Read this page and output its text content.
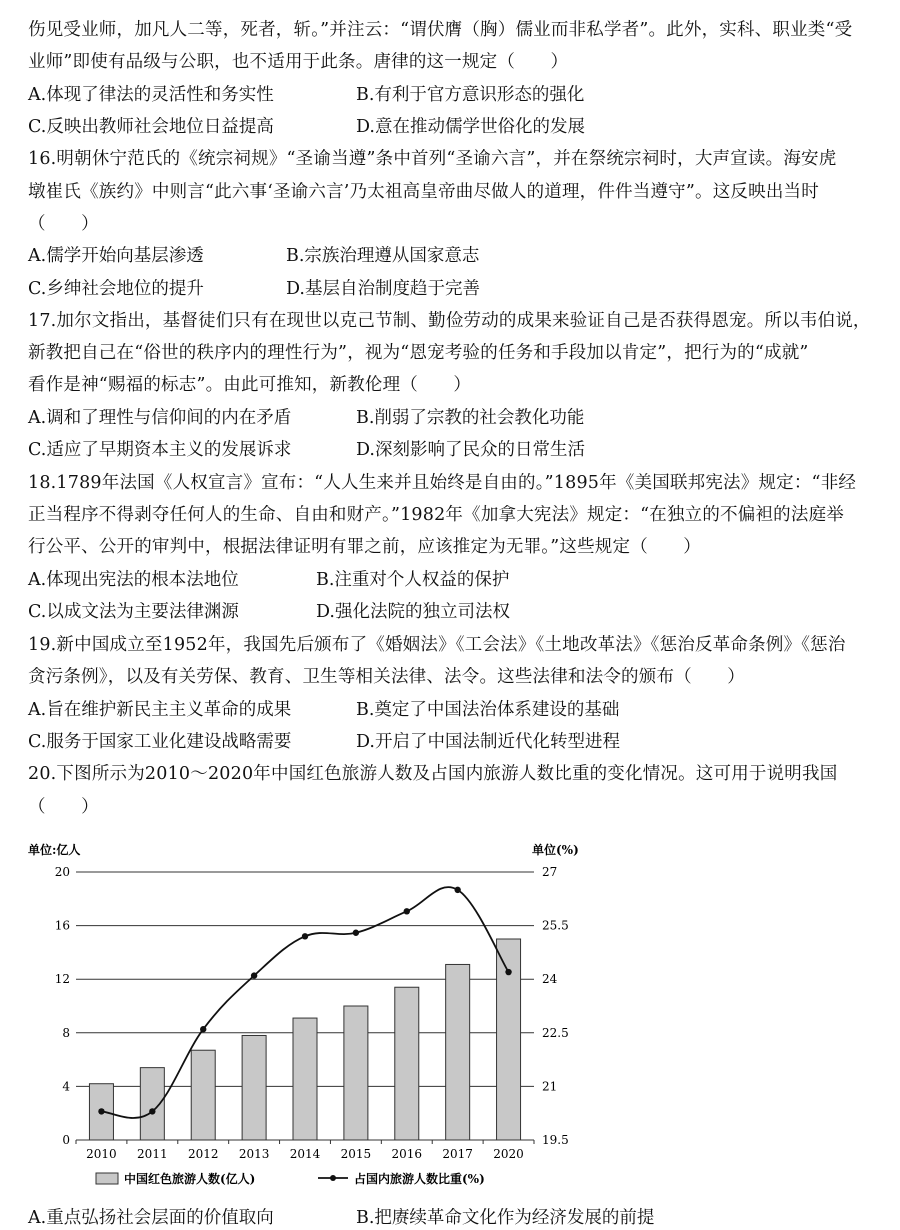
伤见受业师，加凡人二等，死者，斩。”并注云：“谓伏膺（胸）儒业而非私学者”。此外，实科、职业类“受
业师”即使有品级与公职，也不适用于此条。唐律的这一规定（　　）
A.体现了律法的灵活性和务实性	B.有利于官方意识形态的强化
C.反映出教师社会地位日益提高	D.意在推动儒学世俗化的发展
16.明朝休宁范氏的《统宗祠规》“圣谕当遵”条中首列“圣谕六言”，并在祭统宗祠时，大声宣读。海安虎
墩崔氏《族约》中则言“此六事‘圣谕六言’乃太祖高皇帝曲尽做人的道理，件件当遵守”。这反映出当时
（　　）
A.儒学开始向基层渗透	B.宗族治理遵从国家意志
C.乡绅社会地位的提升	D.基层自治制度趋于完善
17.加尔文指出，基督徒们只有在现世以克己节制、勤俭劳动的成果来验证自己是否获得恩宠。所以韦伯说，
新教把自己在“俗世的秩序内的理性行为”，视为“恩宠考验的任务和手段加以肯定”，把行为的“成就”
看作是神“赐福的标志”。由此可推知，新教伦理（　　）
A.调和了理性与信仰间的内在矛盾	B.削弱了宗教的社会教化功能
C.适应了早期资本主义的发展诉求	D.深刻影响了民众的日常生活
18.1789年法国《人权宣言》宣布：“人人生来并且始终是自由的。”1895年《美国联邦宪法》规定：“非经
正当程序不得剥夺任何人的生命、自由和财产。”1982年《加拿大宪法》规定：“在独立的不偏袒的法庭举
行公平、公开的审判中，根据法律证明有罪之前，应该推定为无罪。”这些规定（　　）
A.体现出宪法的根本法地位	B.注重对个人权益的保护
C.以成文法为主要法律渊源	D.强化法院的独立司法权
19.新中国成立至1952年，我国先后颁布了《婚姻法》《工会法》《土地改革法》《惩治反革命条例》《惩治
贪污条例》，以及有关劳保、教育、卫生等相关法律、法令。这些法律和法令的颁布（　　）
A.旨在维护新民主主义革命的成果	B.奠定了中国法治体系建设的基础
C.服务于国家工业化建设战略需要	D.开启了中国法制近代化转型进程
20.下图所示为2010～2020年中国红色旅游人数及占国内旅游人数比重的变化情况。这可用于说明我国
（　　）
单位:亿人	单位(%)
0	19.5
4	21
8	22.5
12	24
16	25.5
20	27
2010 2011 2012 2013 2014 2015 2016 2017 2020
中国红色旅游人数(亿人)	占国内旅游人数比重(%)
A.重点弘扬社会层面的价值取向	B.把赓续革命文化作为经济发展的前提
